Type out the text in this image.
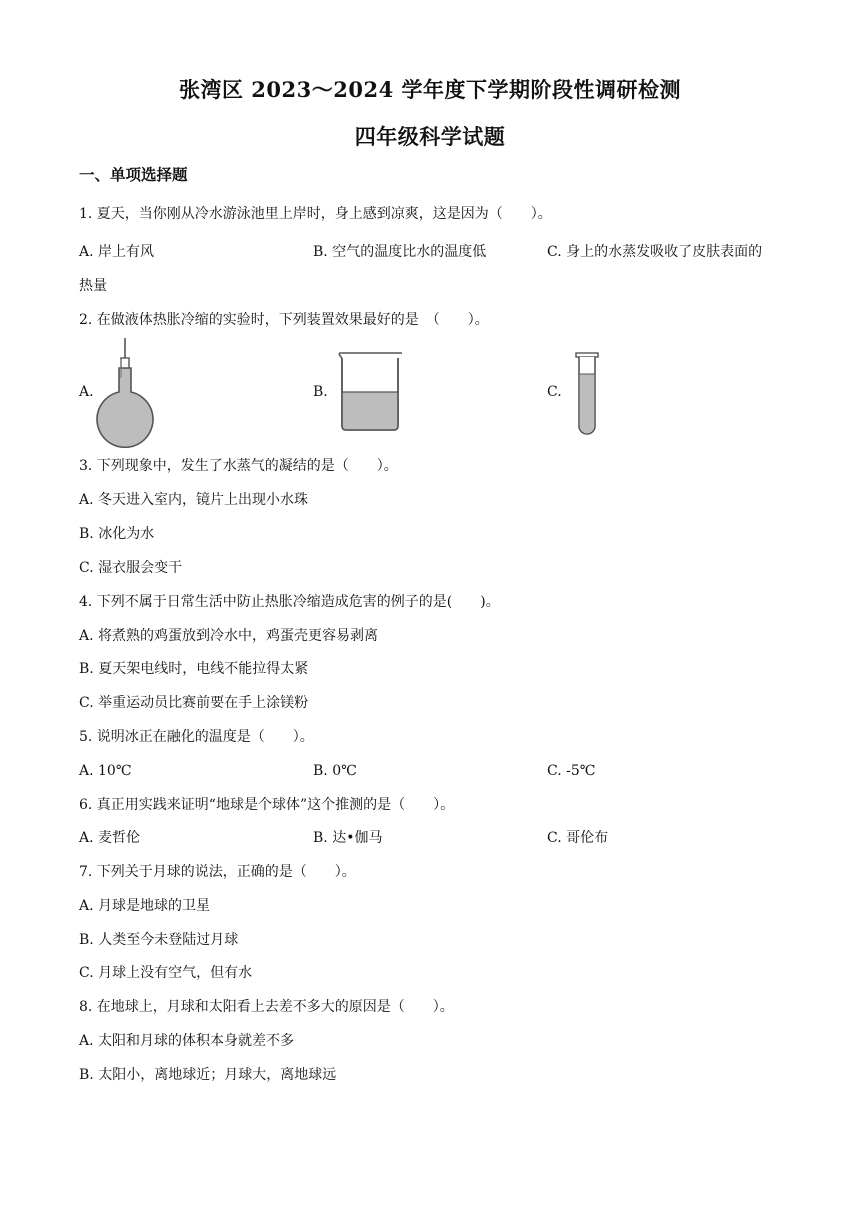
张湾区 2023～2024 学年度下学期阶段性调研检测
四年级科学试题
一、单项选择题
1. 夏天，当你刚从冷水游泳池里上岸时，身上感到凉爽，这是因为（　　）。
A. 岸上有风	B. 空气的温度比水的温度低	C. 身上的水蒸发吸收了皮肤表面的
热量
2. 在做液体热胀冷缩的实验时，下列装置效果最好的是　（　　）。
A.	B.	C.
3. 下列现象中，发生了水蒸气的凝结的是（　　）。
A. 冬天进入室内，镜片上出现小水珠
B. 冰化为水
C. 湿衣服会变干
4. 下列不属于日常生活中防止热胀冷缩造成危害的例子的是(　　)。
A. 将煮熟的鸡蛋放到冷水中，鸡蛋壳更容易剥离
B. 夏天架电线时，电线不能拉得太紧
C. 举重运动员比赛前要在手上涂镁粉
5. 说明冰正在融化的温度是（　　）。
A. 10℃	B. 0℃	C. -5℃
6. 真正用实践来证明“地球是个球体”这个推测的是（　　）。
A. 麦哲伦	B. 达•伽马	C. 哥伦布
7. 下列关于月球的说法，正确的是（　　）。
A. 月球是地球的卫星
B. 人类至今未登陆过月球
C. 月球上没有空气，但有水
8. 在地球上，月球和太阳看上去差不多大的原因是（　　）。
A. 太阳和月球的体积本身就差不多
B. 太阳小，离地球近；月球大，离地球远
